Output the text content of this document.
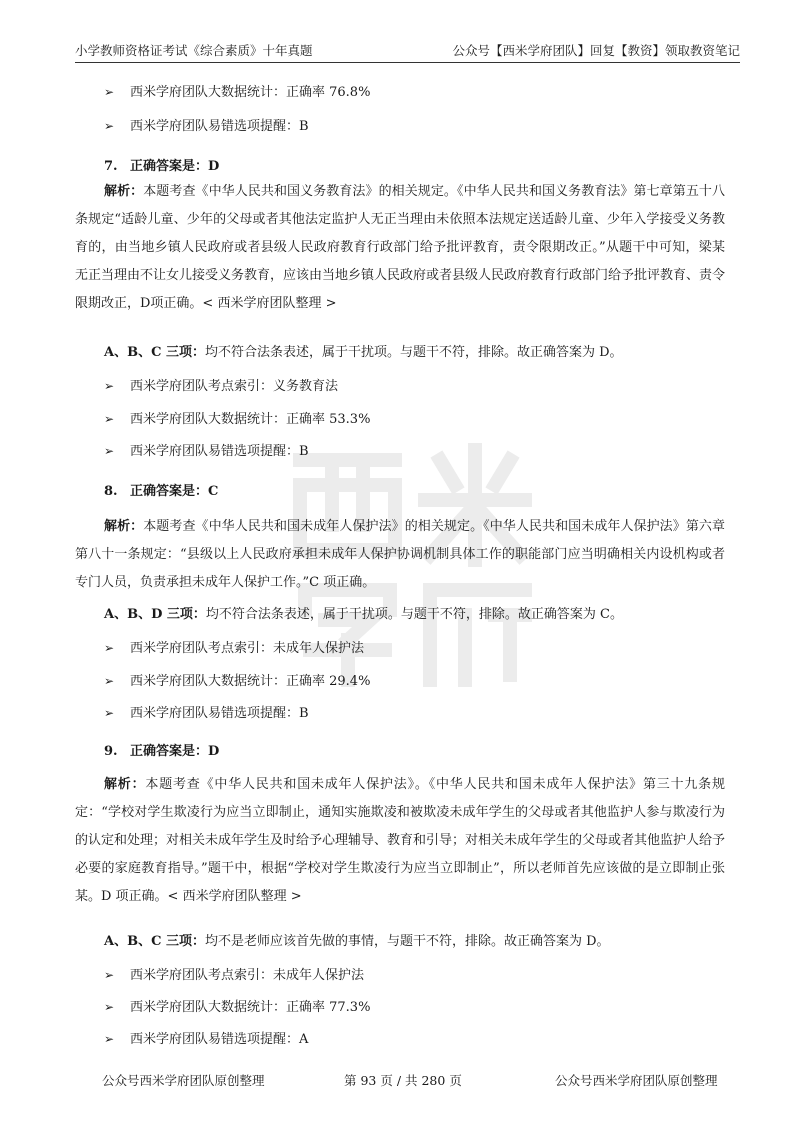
小学教师资格证考试《综合素质》十年真题	公众号【西米学府团队】回复【教资】领取教资笔记
➢ 西米学府团队大数据统计：正确率 76.8%
➢ 西米学府团队易错选项提醒：B
7. 正确答案是：D
解析：本题考查《中华人民共和国义务教育法》的相关规定。《中华人民共和国义务教育法》第七章第五十八条规定“适龄儿童、少年的父母或者其他法定监护人无正当理由未依照本法规定送适龄儿童、少年入学接受义务教育的，由当地乡镇人民政府或者县级人民政府教育行政部门给予批评教育，责令限期改正。”从题干中可知，梁某无正当理由不让女儿接受义务教育，应该由当地乡镇人民政府或者县级人民政府教育行政部门给予批评教育、责令限期改正，D项正确。< 西米学府团队整理 >
A、B、C 三项：均不符合法条表述，属于干扰项。与题干不符，排除。故正确答案为 D。
➢ 西米学府团队考点索引：义务教育法
➢ 西米学府团队大数据统计：正确率 53.3%
➢ 西米学府团队易错选项提醒：B
8. 正确答案是：C
解析：本题考查《中华人民共和国未成年人保护法》的相关规定。《中华人民共和国未成年人保护法》第六章第八十一条规定：“县级以上人民政府承担未成年人保护协调机制具体工作的职能部门应当明确相关内设机构或者专门人员，负责承担未成年人保护工作。”C 项正确。
A、B、D 三项：均不符合法条表述，属于干扰项。与题干不符，排除。故正确答案为 C。
➢ 西米学府团队考点索引：未成年人保护法
➢ 西米学府团队大数据统计：正确率 29.4%
➢ 西米学府团队易错选项提醒：B
9. 正确答案是：D
解析：本题考查《中华人民共和国未成年人保护法》。《中华人民共和国未成年人保护法》第三十九条规定：“学校对学生欺凌行为应当立即制止，通知实施欺凌和被欺凌未成年学生的父母或者其他监护人参与欺凌行为的认定和处理；对相关未成年学生及时给予心理辅导、教育和引导；对相关未成年学生的父母或者其他监护人给予必要的家庭教育指导。”题干中，根据“学校对学生欺凌行为应当立即制止”，所以老师首先应该做的是立即制止张某。D 项正确。< 西米学府团队整理 >
A、B、C 三项：均不是老师应该首先做的事情，与题干不符，排除。故正确答案为 D。
➢ 西米学府团队考点索引：未成年人保护法
➢ 西米学府团队大数据统计：正确率 77.3%
➢ 西米学府团队易错选项提醒：A
公众号西米学府团队原创整理	第 93 页 / 共 280 页	公众号西米学府团队原创整理
